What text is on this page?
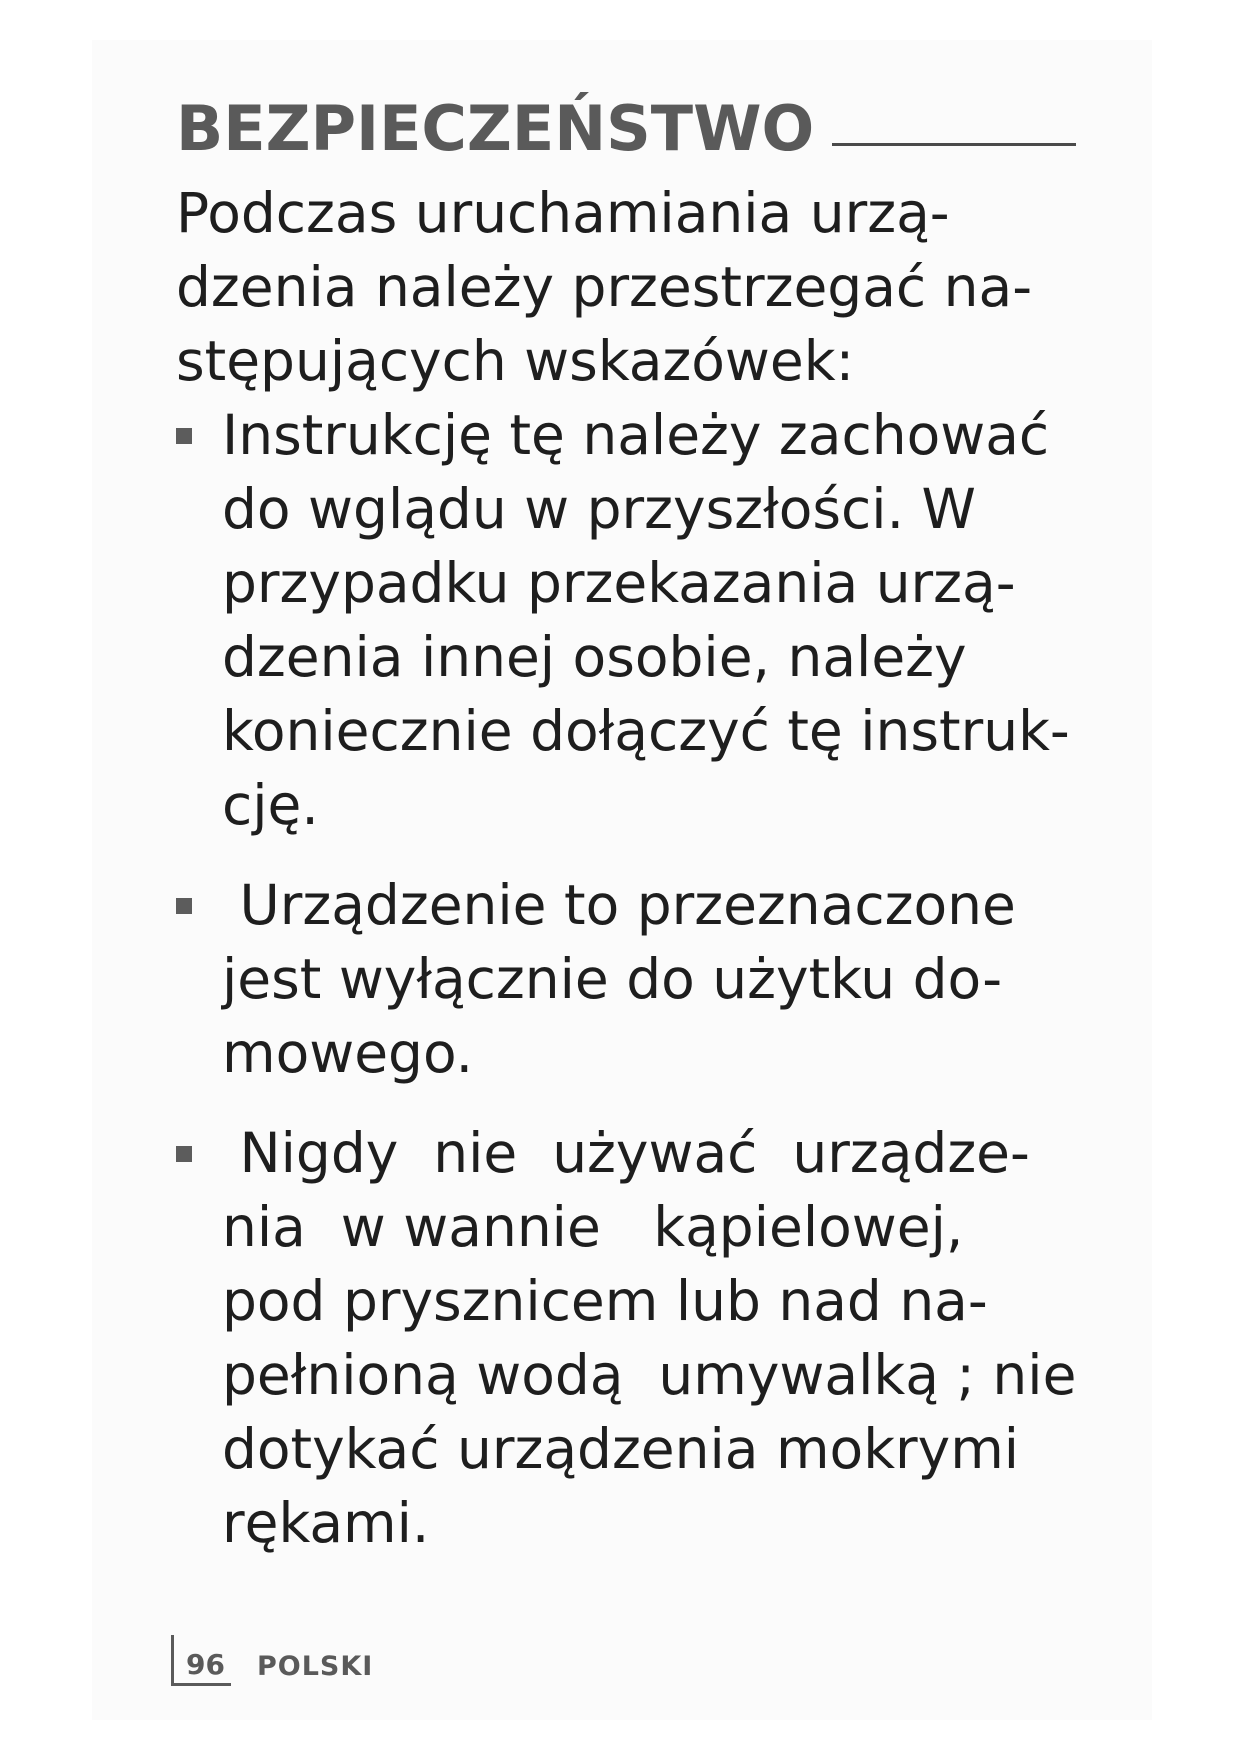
BEZPIECZEŃSTWO

Podczas uruchamiania urzą-
dzenia należy przestrzegać na-
stępujących wskazówek:

Instrukcję tę należy zachować
do wglądu w przyszłości. W
przypadku przekazania urzą-
dzenia innej osobie, należy
koniecznie dołączyć tę instruk-
cję.
Urządzenie to przeznaczone
jest wyłącznie do użytku do-
mowego.
Nigdy  nie  używać  urządze-
nia  w wannie   kąpielowej,
pod prysznicem lub nad na-
pełnioną wodą  umywalką ; nie
dotykać urządzenia mokrymi
rękami.
96 POLSKI
